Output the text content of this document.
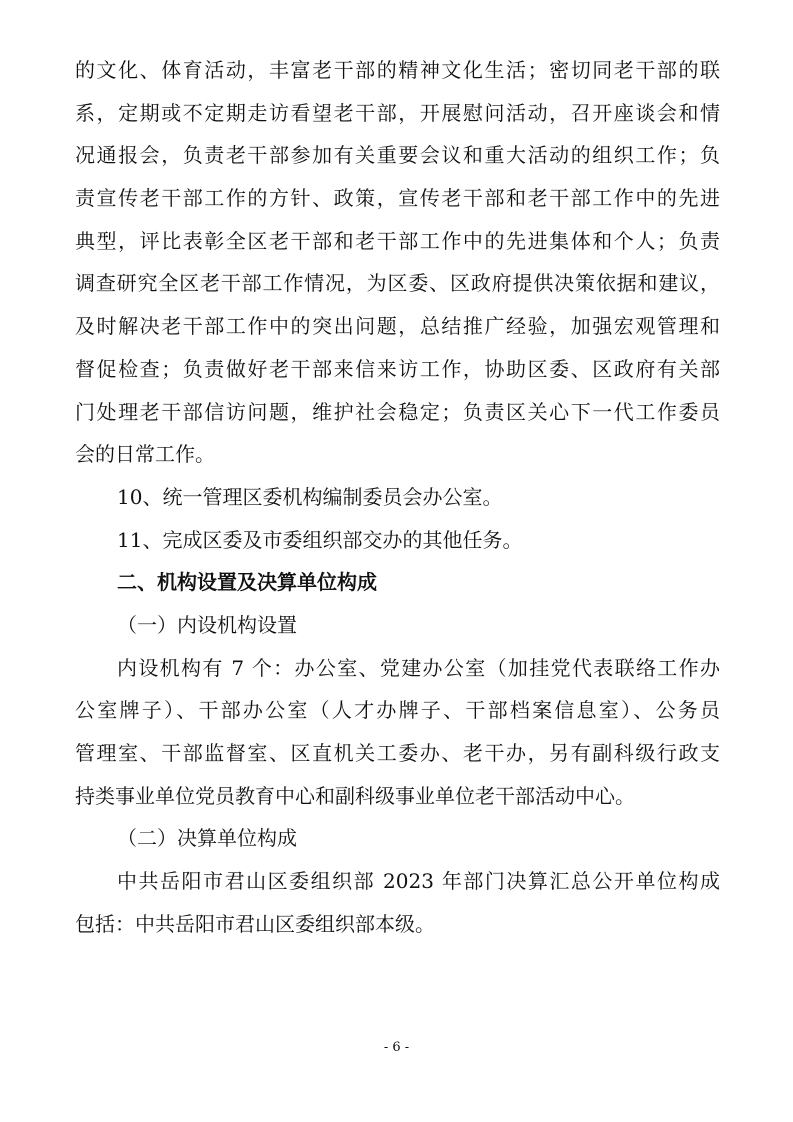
的文化、体育活动，丰富老干部的精神文化生活；密切同老干部的联
系，定期或不定期走访看望老干部，开展慰问活动，召开座谈会和情
况通报会，负责老干部参加有关重要会议和重大活动的组织工作；负
责宣传老干部工作的方针、政策，宣传老干部和老干部工作中的先进
典型，评比表彰全区老干部和老干部工作中的先进集体和个人；负责
调查研究全区老干部工作情况，为区委、区政府提供决策依据和建议，
及时解决老干部工作中的突出问题，总结推广经验，加强宏观管理和
督促检查；负责做好老干部来信来访工作，协助区委、区政府有关部
门处理老干部信访问题，维护社会稳定；负责区关心下一代工作委员
会的日常工作。
10、统一管理区委机构编制委员会办公室。
11、完成区委及市委组织部交办的其他任务。
二、机构设置及决算单位构成
（一）内设机构设置
内设机构有 7 个：办公室、党建办公室（加挂党代表联络工作办
公室牌子）、干部办公室（人才办牌子、干部档案信息室）、公务员
管理室、干部监督室、区直机关工委办、老干办，另有副科级行政支
持类事业单位党员教育中心和副科级事业单位老干部活动中心。
（二）决算单位构成
中共岳阳市君山区委组织部 2023 年部门决算汇总公开单位构成
包括：中共岳阳市君山区委组织部本级。
- 6 -
